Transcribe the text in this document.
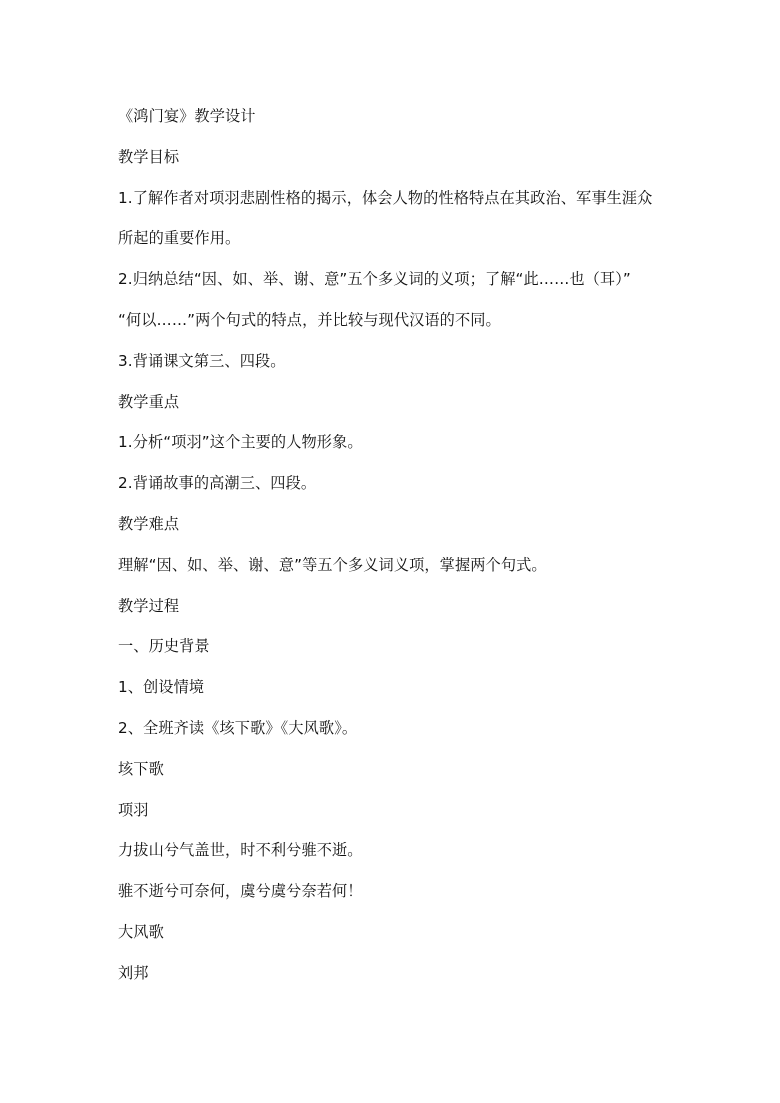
《鸿门宴》教学设计
教学目标
1.了解作者对项羽悲剧性格的揭示，体会人物的性格特点在其政治、军事生涯众
所起的重要作用。
2.归纳总结“因、如、举、谢、意”五个多义词的义项；了解“此……也（耳）”
“何以……”两个句式的特点，并比较与现代汉语的不同。
3.背诵课文第三、四段。
教学重点
1.分析“项羽”这个主要的人物形象。
2.背诵故事的高潮三、四段。
教学难点
理解“因、如、举、谢、意”等五个多义词义项，掌握两个句式。
教学过程
一、历史背景
1、创设情境
2、全班齐读《垓下歌》《大风歌》。
垓下歌
项羽
力拔山兮气盖世，时不利兮骓不逝。
骓不逝兮可奈何，虞兮虞兮奈若何！
大风歌
刘邦
